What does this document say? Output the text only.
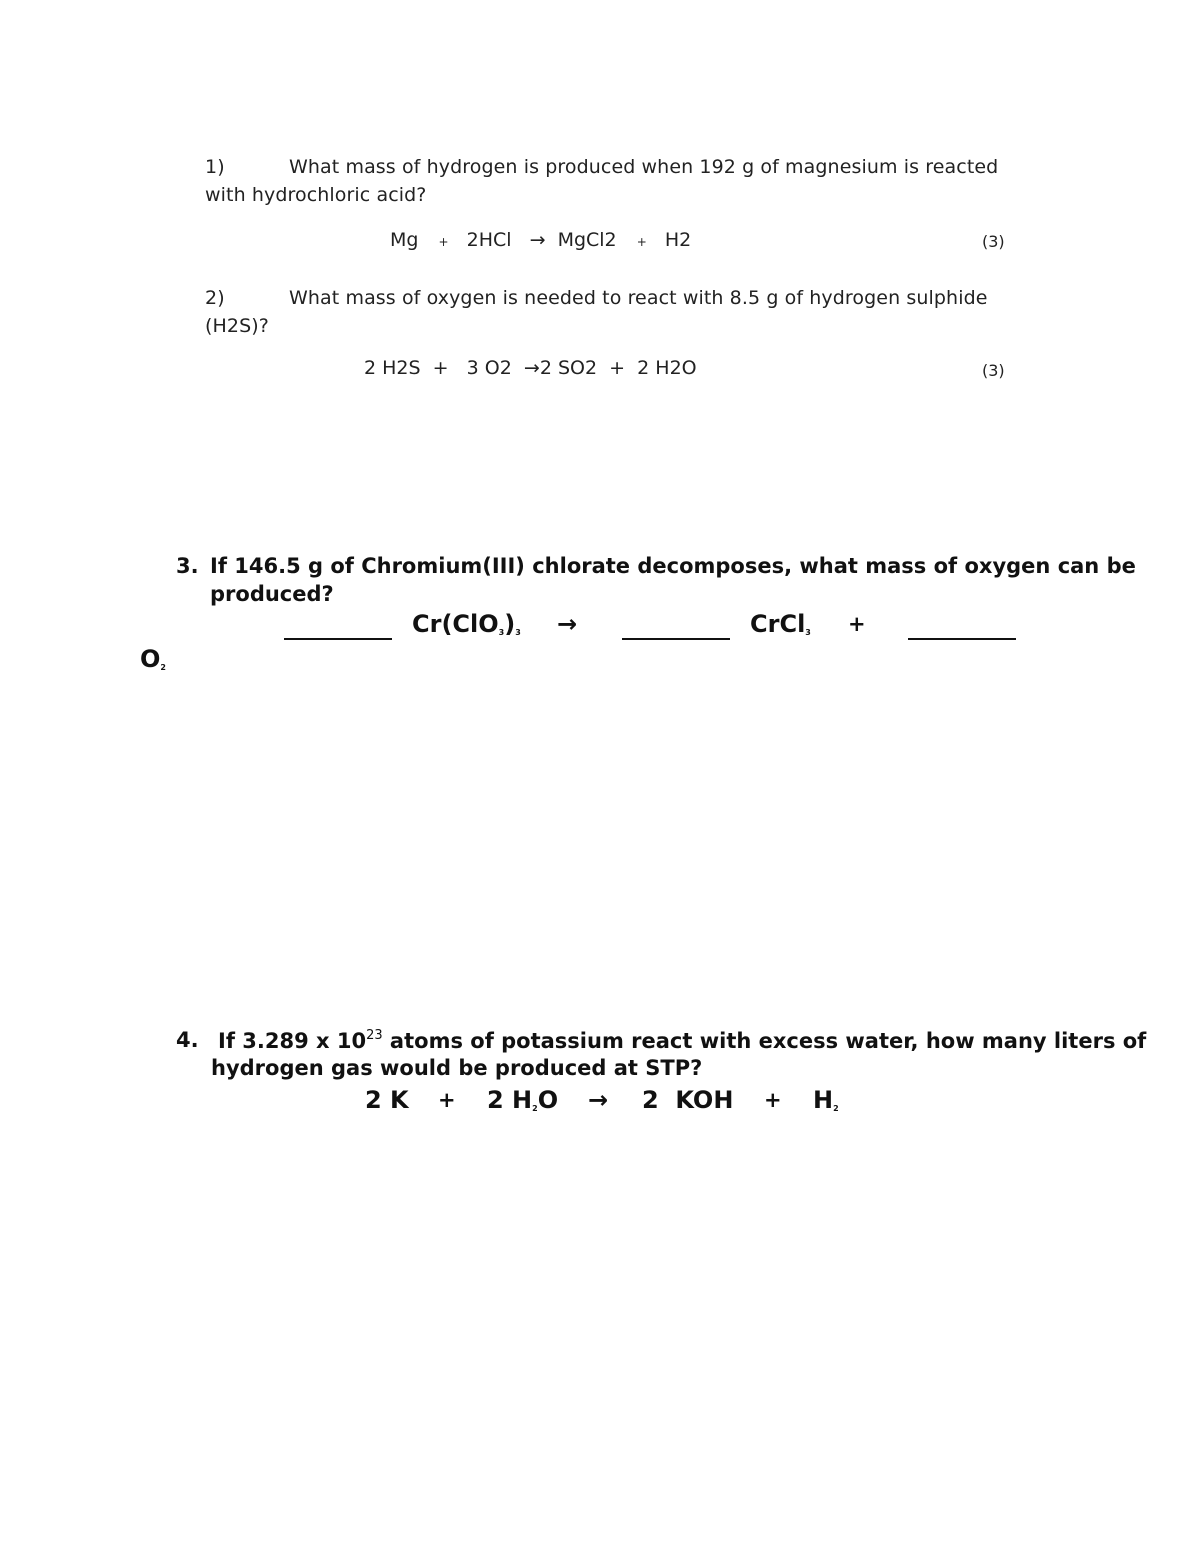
1)	What mass of hydrogen is produced when 192 g of magnesium is reacted
with hydrochloric acid?
Mg + 2HCl → MgCl2 + H2	(3)
2)	What mass of oxygen is needed to react with 8.5 g of hydrogen sulphide
(H2S)?
2 H2S  +   3 O2  →2 SO2  +  2 H2O	(3)
3. If 146.5 g of Chromium(III) chlorate decomposes, what mass of oxygen can be
produced?
$Cr(ClO_3)_3$ →	CrCl$_3$ +
$O_2$
4. If 3.289 x $10^{23}$ atoms of potassium react with excess water, how many liters of
hydrogen gas would be produced at STP?
2 K + 2 $H_2O \to 2$  KOH + $H_2$
